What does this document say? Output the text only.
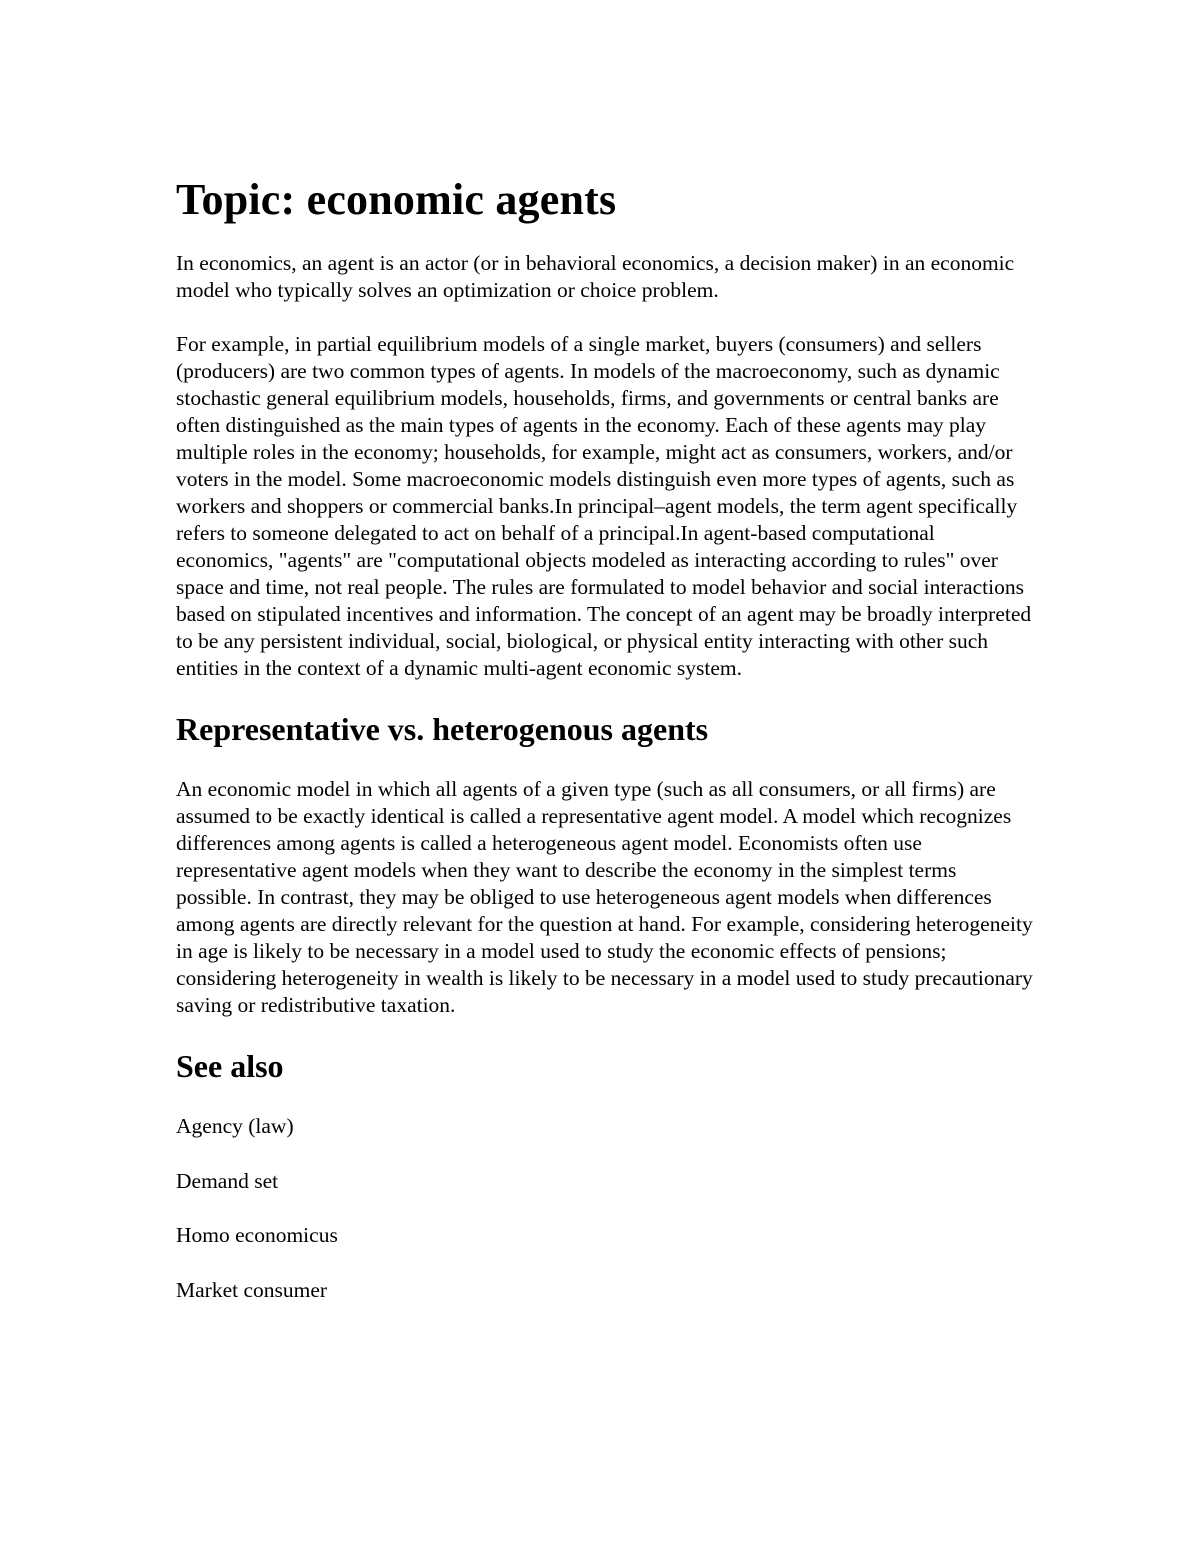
Topic: economic agents

In economics, an agent is an actor (or in behavioral economics, a decision maker) in an economic model who typically solves an optimization or choice problem.

For example, in partial equilibrium models of a single market, buyers (consumers) and sellers (producers) are two common types of agents. In models of the macroeconomy, such as dynamic stochastic general equilibrium models, households, firms, and governments or central banks are often distinguished as the main types of agents in the economy. Each of these agents may play multiple roles in the economy; households, for example, might act as consumers, workers, and/or voters in the model. Some macroeconomic models distinguish even more types of agents, such as workers and shoppers or commercial banks.In principal–agent models, the term agent specifically refers to someone delegated to act on behalf of a principal.In agent-based computational economics, "agents" are "computational objects modeled as interacting according to rules" over space and time, not real people. The rules are formulated to model behavior and social interactions based on stipulated incentives and information. The concept of an agent may be broadly interpreted to be any persistent individual, social, biological, or physical entity interacting with other such entities in the context of a dynamic multi-agent economic system.

Representative vs. heterogenous agents

An economic model in which all agents of a given type (such as all consumers, or all firms) are assumed to be exactly identical is called a representative agent model. A model which recognizes differences among agents is called a heterogeneous agent model. Economists often use representative agent models when they want to describe the economy in the simplest terms possible. In contrast, they may be obliged to use heterogeneous agent models when differences among agents are directly relevant for the question at hand. For example, considering heterogeneity in age is likely to be necessary in a model used to study the economic effects of pensions; considering heterogeneity in wealth is likely to be necessary in a model used to study precautionary saving or redistributive taxation.

See also
Agency (law)
Demand set
Homo economicus
Market consumer
